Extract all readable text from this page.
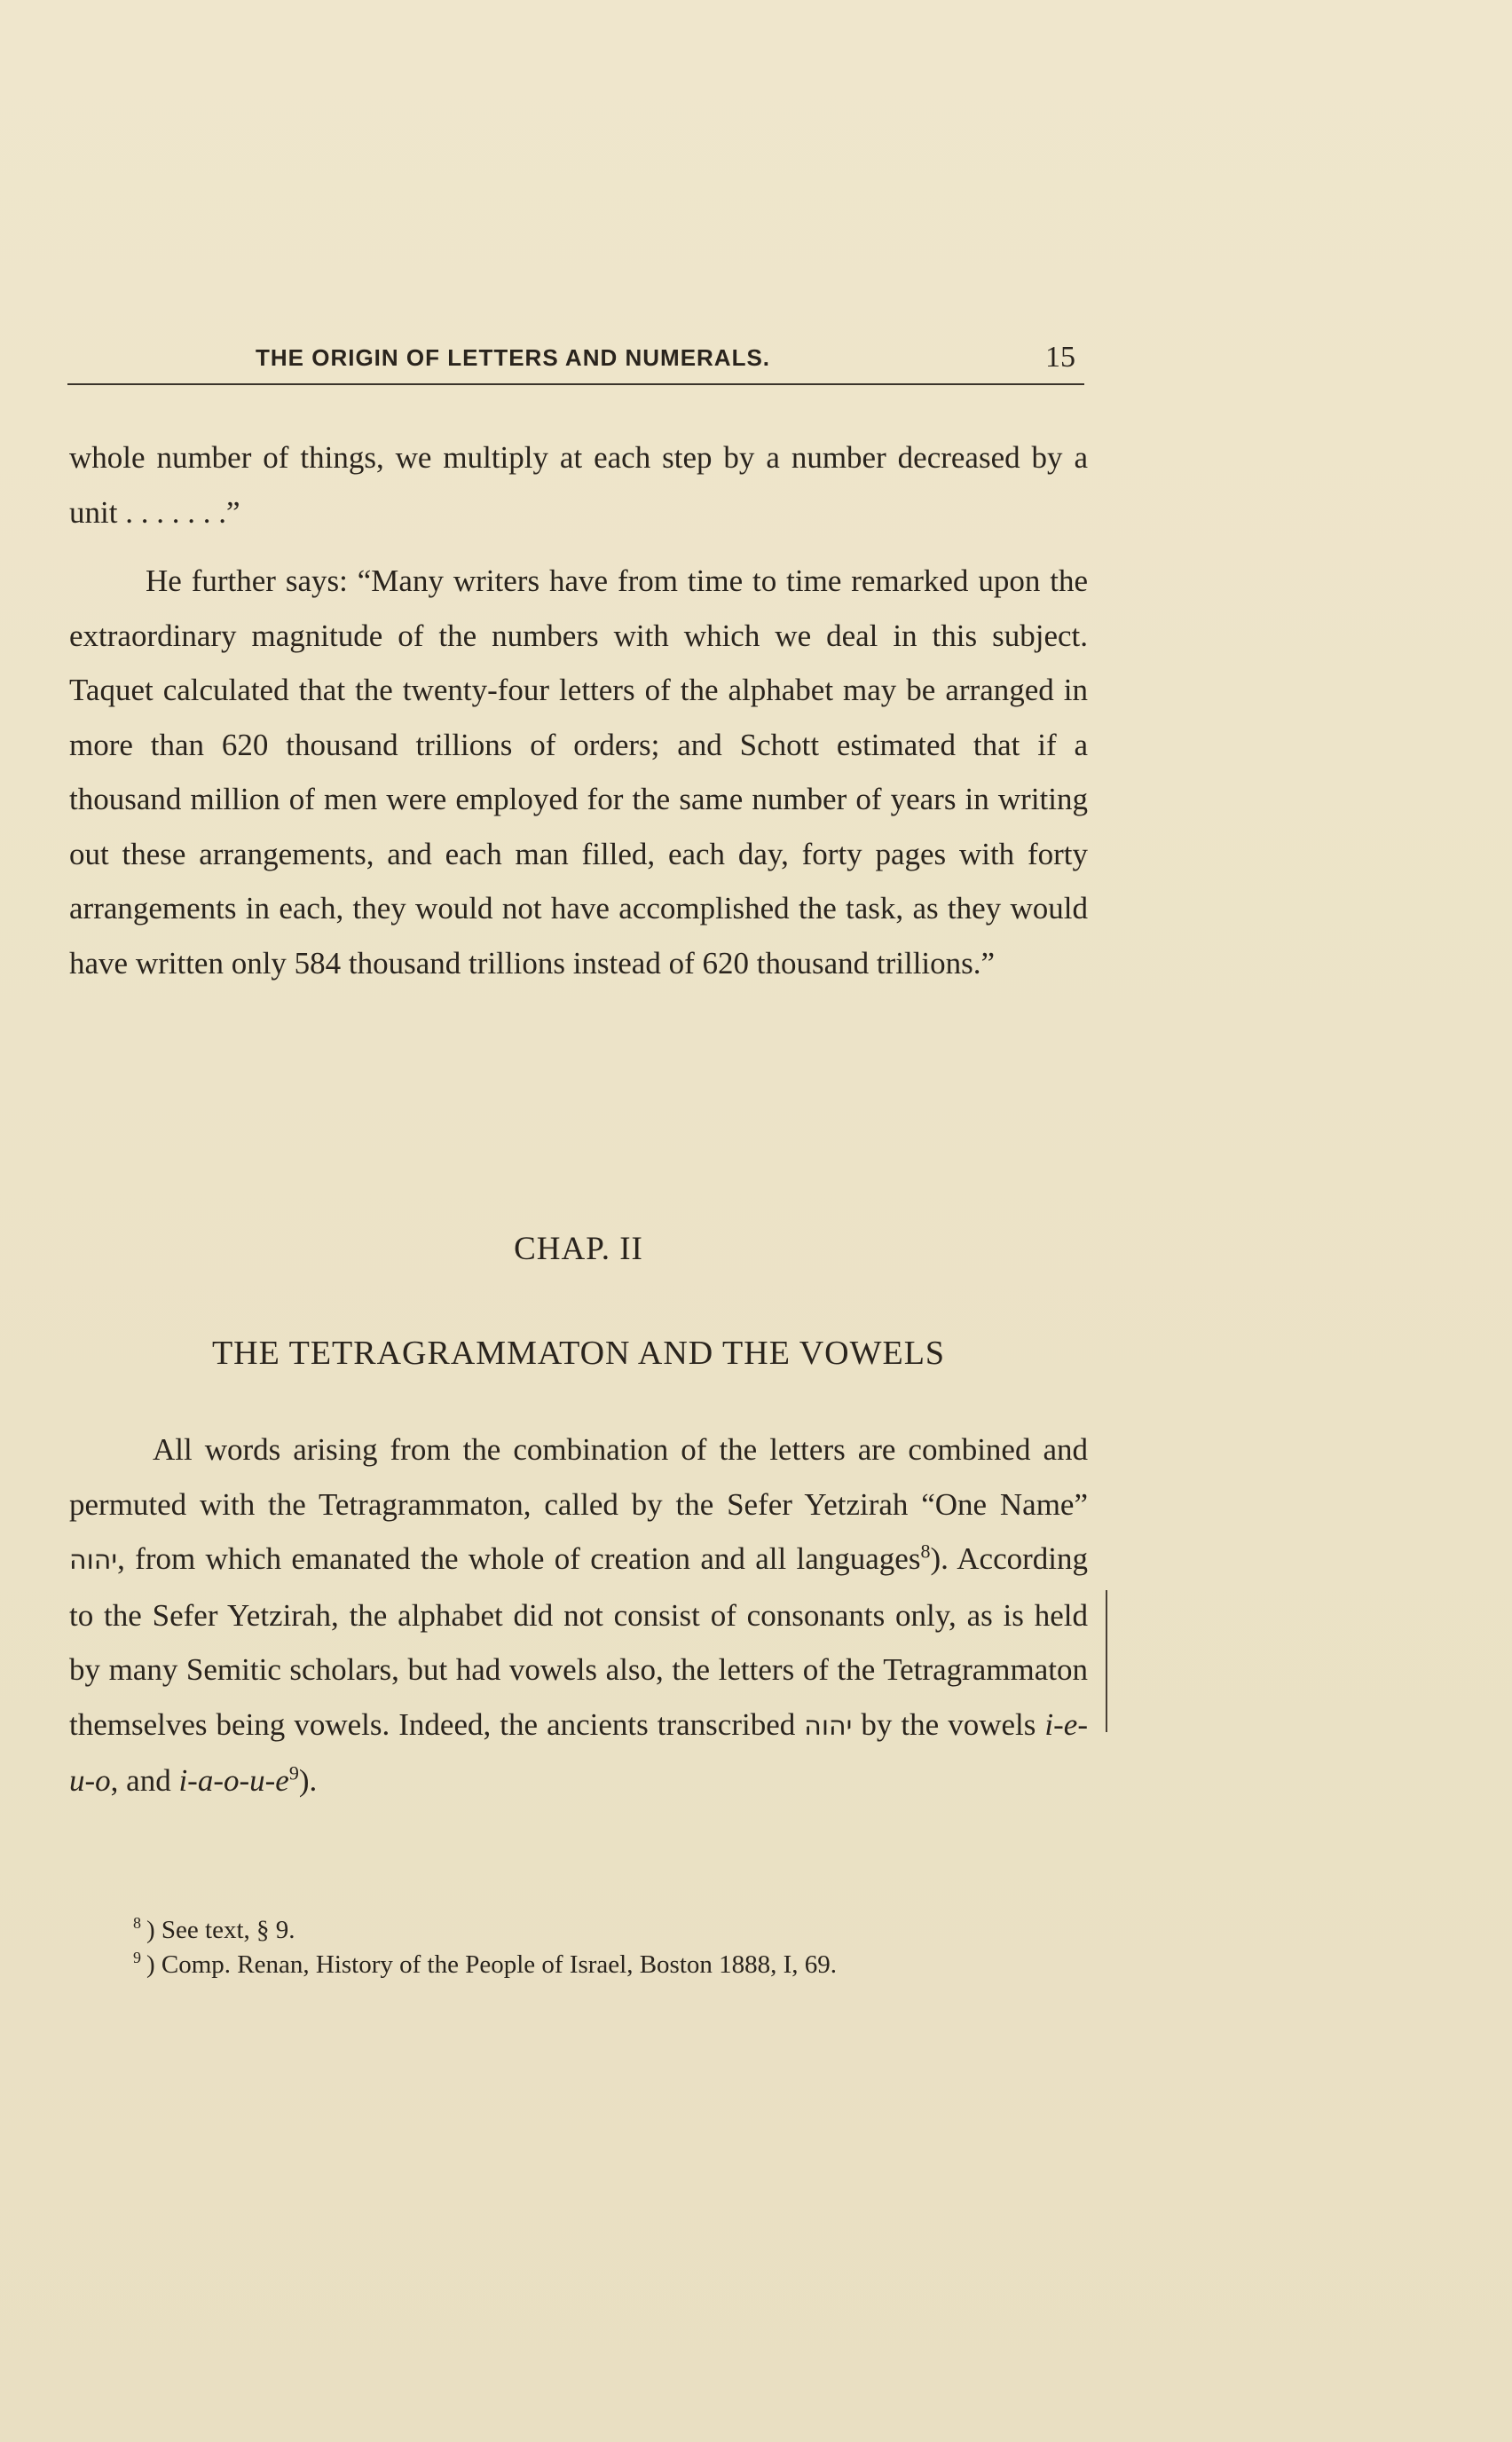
THE ORIGIN OF LETTERS AND NUMERALS.	15

whole number of things, we multiply at each step by a number decreased by a unit . . . . . . .”

He further says: “Many writers have from time to time remarked upon the extraordinary magnitude of the numbers with which we deal in this subject. Taquet calculated that the twenty-four letters of the alphabet may be arranged in more than 620 thousand trillions of orders; and Schott estimated that if a thousand million of men were employed for the same number of years in writing out these arrangements, and each man filled, each day, forty pages with forty arrangements in each, they would not have accomplished the task, as they would have written only 584 thousand trillions instead of 620 thousand trillions.”

CHAP. II
THE TETRAGRAMMATON AND THE VOWELS

All words arising from the combination of the letters are combined and permuted with the Tetragrammaton, called by the Sefer Yetzirah “One Name” יהוה, from which emanated the whole of creation and all languages$^8$). According to the Sefer Yetzirah, the alphabet did not consist of consonants only, as is held by many Semitic scholars, but had vowels also, the letters of the Tetragrammaton themselves being vowels. Indeed, the ancients transcribed יהוה by the vowels i-e-u-o, and $i-a-o-u-e^9$).

$^8$ ) See text, § 9.
$^9$ ) Comp. Renan, History of the People of Israel, Boston 1888, I, 69.
